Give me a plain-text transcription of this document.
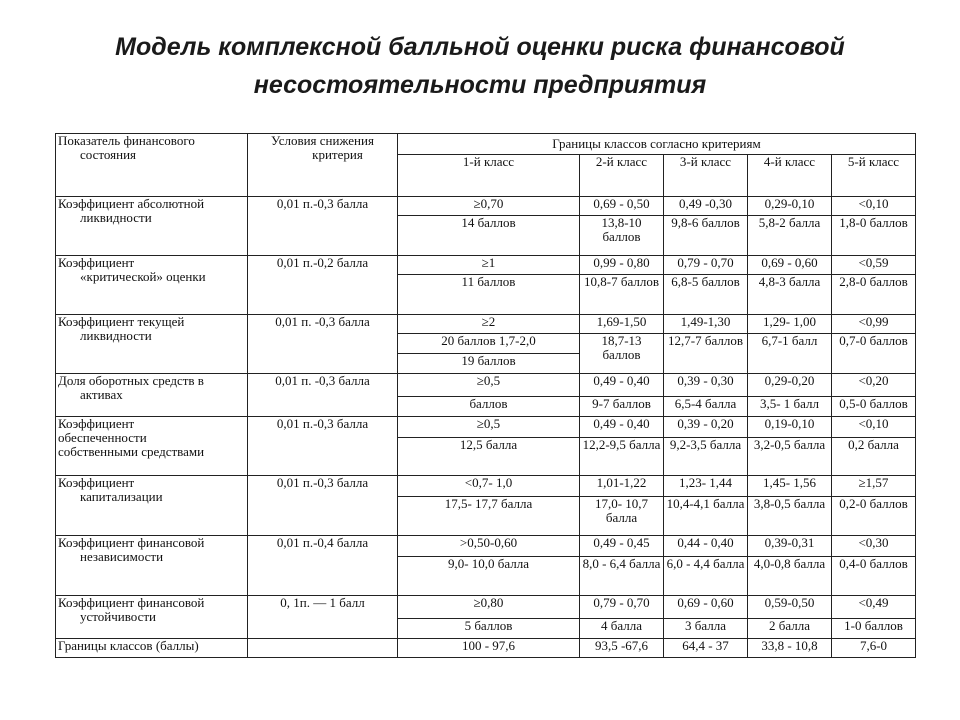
Модель комплексной балльной оценки риска финансовой
несостоятельности предприятия
Показатель финансового
состояния	Условия снижения
критерия	Границы классов согласно критериям				
		1-й класс	2-й класс	3-й класс	4-й класс	5-й класс

Коэффициент абсолютной
ликвидности	0,01 п.-0,3 балла	≥0,70	0,69 - 0,50	0,49 -0,30	0,29-0,10	<0,10
		14 баллов	13,8-10 баллов	9,8-6 баллов	5,8-2 балла	1,8-0 баллов

Коэффициент
«критической» оценки	0,01 п.-0,2 балла	≥1	0,99 - 0,80	0,79 - 0,70	0,69 - 0,60	<0,59
		11 баллов	10,8-7 баллов	6,8-5 баллов	4,8-3 балла	2,8-0 баллов

Коэффициент текущей
ликвидности	0,01 п. -0,3 балла	≥2	1,69-1,50	1,49-1,30	1,29- 1,00	<0,99
		20 баллов 1,7-2,0	18,7-13 баллов	12,7-7 баллов	6,7-1 балл	0,7-0 баллов
		19 баллов				

Доля оборотных средств в
активах	0,01 п. -0,3 балла	≥0,5	0,49 - 0,40	0,39 - 0,30	0,29-0,20	<0,20
		баллов	9-7 баллов	6,5-4 балла	3,5- 1 балл	0,5-0 баллов

Коэффициент
обеспеченности
собственными средствами	0,01 п.-0,3 балла	≥0,5	0,49 - 0,40	0,39 - 0,20	0,19-0,10	<0,10
		12,5 балла	12,2-9,5 балла	9,2-3,5 балла	3,2-0,5 балла	0,2 балла

Коэффициент
капитализации	0,01 п.-0,3 балла	<0,7- 1,0	1,01-1,22	1,23- 1,44	1,45- 1,56	≥1,57
		17,5- 17,7 балла	17,0- 10,7 балла	10,4-4,1 балла	3,8-0,5 балла	0,2-0 баллов

Коэффициент финансовой
независимости	0,01 п.-0,4 балла	>0,50-0,60	0,49 - 0,45	0,44 - 0,40	0,39-0,31	<0,30
		9,0- 10,0 балла	8,0 - 6,4 балла	6,0 - 4,4 балла	4,0-0,8 балла	0,4-0 баллов

Коэффициент финансовой
устойчивости	0, 1п. — 1 балл	≥0,80	0,79 - 0,70	0,69 - 0,60	0,59-0,50	<0,49
		5 баллов	4 балла	3 балла	2 балла	1-0 баллов
Границы классов (баллы)		100 - 97,6	93,5 -67,6	64,4 - 37	33,8 - 10,8	7,6-0
